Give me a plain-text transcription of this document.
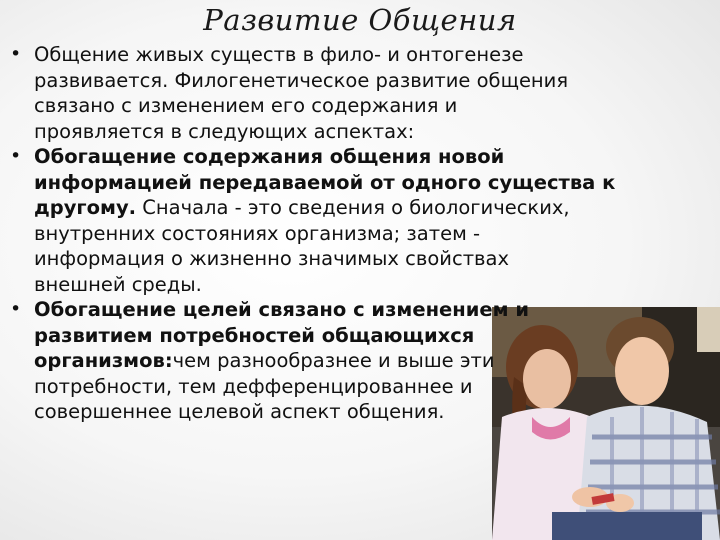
Развитие Общения
• Общение живых существ в фило- и онтогенезе
развивается. Филогенетическое развитие общения
связано с изменением его содержания и
проявляется в следующих аспектах:
• Обогащение содержания общения новой
информацией передаваемой от одного существа к
другому. Сначала - это сведения о биологических,
внутренних состояниях организма; затем -
информация о жизненно значимых свойствах
внешней среды.
• Обогащение целей связано с изменением и
развитием потребностей общающихся
организмов:чем разнообразнее и выше эти
потребности, тем дефференцированнее и
совершеннее целевой аспект общения.
